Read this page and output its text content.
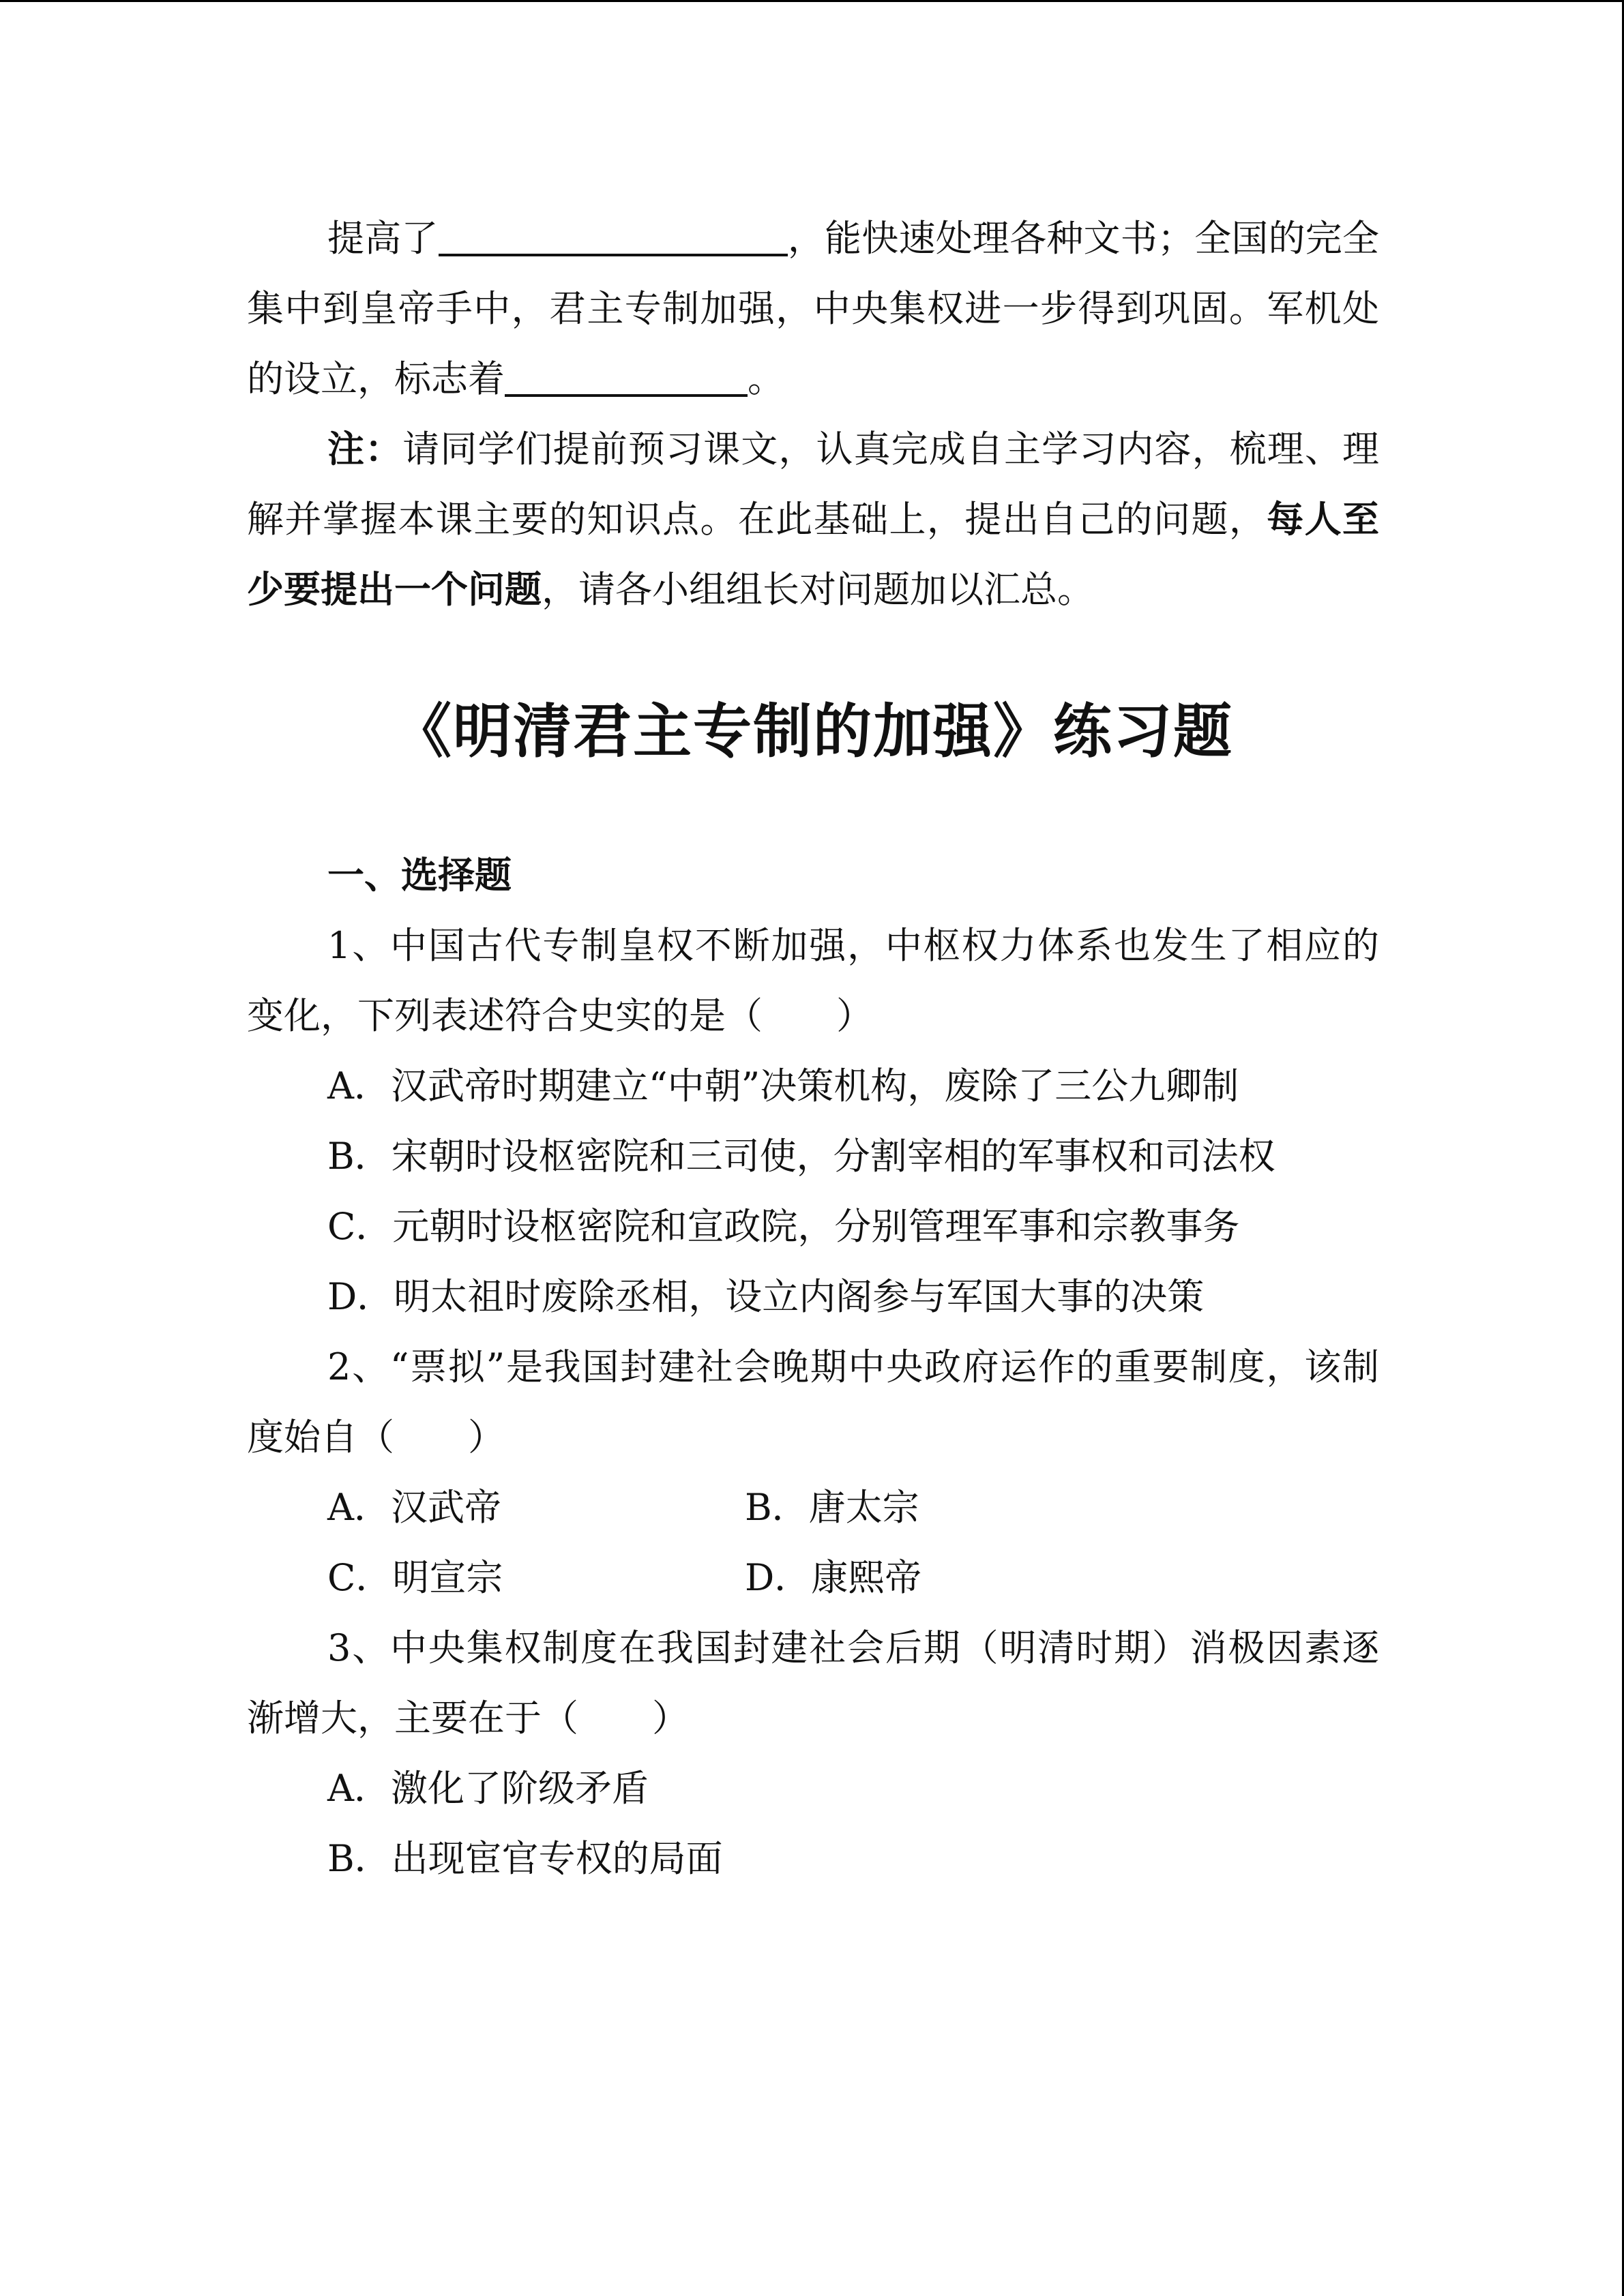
提高了	，能快速处理各种文书；全国的完全集中到皇帝手中，君主专制加强，中央集权进一步得到巩固。军机处的设立，标志着	。

注：请同学们提前预习课文，认真完成自主学习内容，梳理、理解并掌握本课主要的知识点。在此基础上，提出自己的问题，每人至少要提出一个问题，请各小组组长对问题加以汇总。

《明清君主专制的加强》练习题

一、选择题

1、中国古代专制皇权不断加强，中枢权力体系也发生了相应的变化，下列表述符合史实的是（　　）

A．汉武帝时期建立“中朝”决策机构，废除了三公九卿制

B．宋朝时设枢密院和三司使，分割宰相的军事权和司法权

C．元朝时设枢密院和宣政院，分别管理军事和宗教事务

D．明太祖时废除丞相，设立内阁参与军国大事的决策

2、“票拟”是我国封建社会晚期中央政府运作的重要制度，该制度始自（　　）

A．汉武帝	B．唐太宗
C．明宣宗	D．康熙帝

3、中央集权制度在我国封建社会后期（明清时期）消极因素逐渐增大，主要在于（　　）

A．激化了阶级矛盾

B．出现宦官专权的局面
